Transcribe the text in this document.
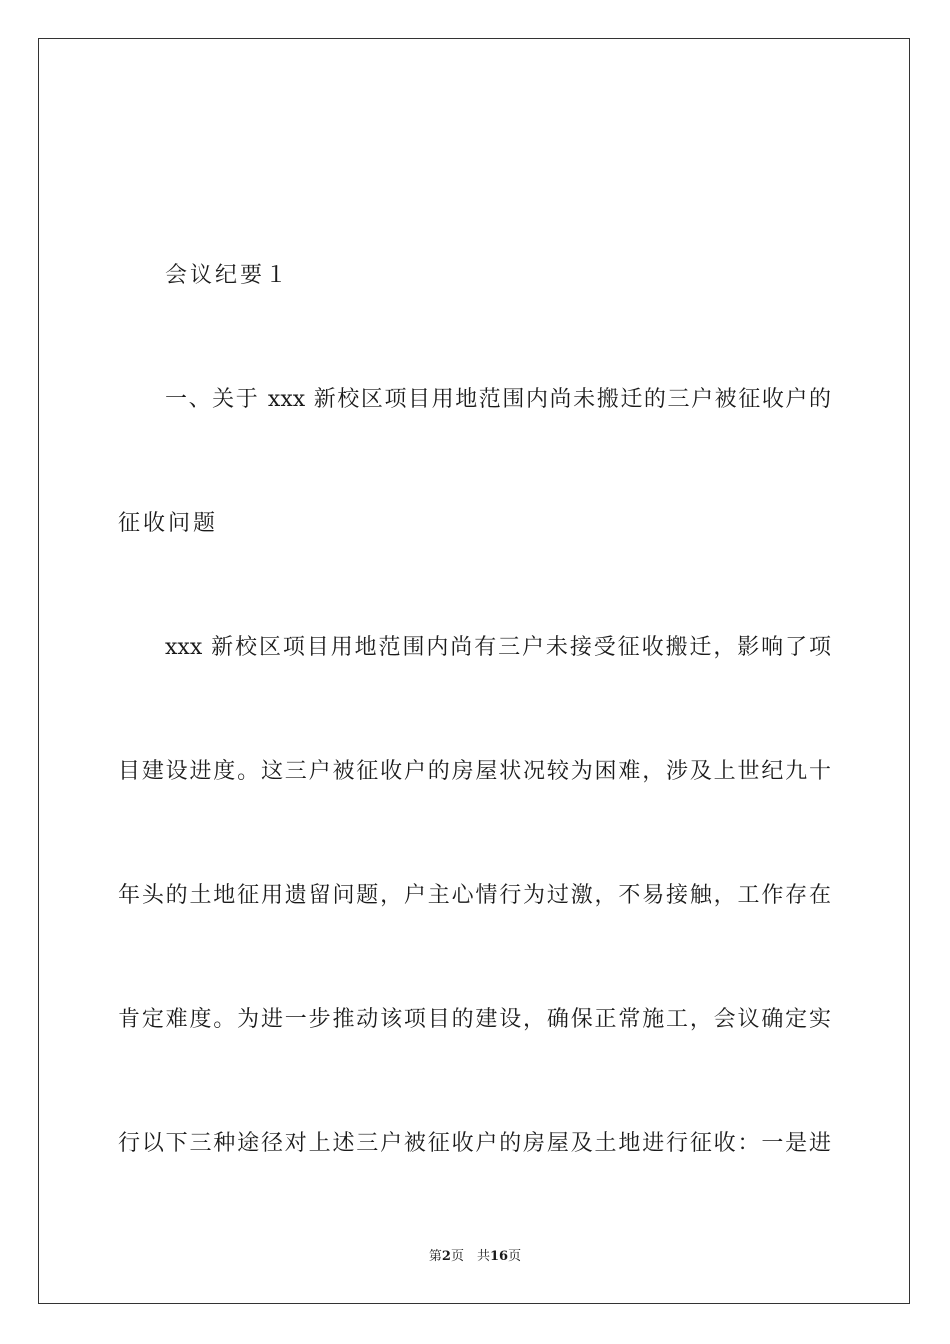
会议纪要１
一、关于 xxx 新校区项目用地范围内尚未搬迁的三户被征收户的
征收问题
xxx 新校区项目用地范围内尚有三户未接受征收搬迁，影响了项
目建设进度。这三户被征收户的房屋状况较为困难，涉及上世纪九十
年头的土地征用遗留问题，户主心情行为过激，不易接触，工作存在
肯定难度。为进一步推动该项目的建设，确保正常施工，会议确定实
行以下三种途径对上述三户被征收户的房屋及土地进行征收：一是进
第2页　共16页
